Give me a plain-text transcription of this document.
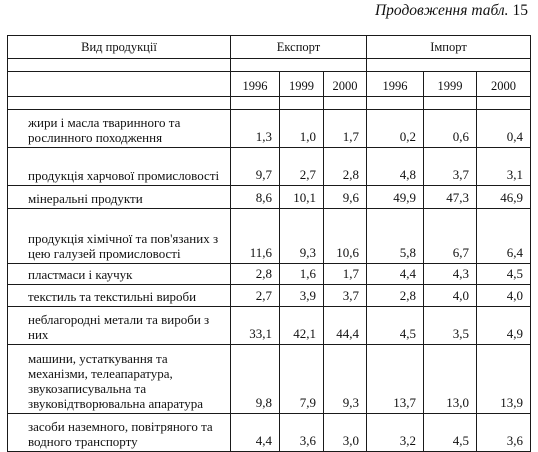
Продовження табл. 15
Вид продукції	Експорт			Імпорт		

	1996	1999	2000	1996	1999	2000

жири і масла тваринного та рослинного походження	1,3	1,0	1,7	0,2	0,6	0,4
продукція харчової промисловості	9,7	2,7	2,8	4,8	3,7	3,1
мінеральні продукти	8,6	10,1	9,6	49,9	47,3	46,9
продукція хімічної та пов'язаних з цею галузей промисловості	11,6	9,3	10,6	5,8	6,7	6,4
пластмаси і каучук	2,8	1,6	1,7	4,4	4,3	4,5
текстиль та текстильні вироби	2,7	3,9	3,7	2,8	4,0	4,0
неблагородні метали та вироби з них	33,1	42,1	44,4	4,5	3,5	4,9
машини, устаткування та механізми, телеапаратура, звукозаписувальна та звуковідтворювальна апаратура	9,8	7,9	9,3	13,7	13,0	13,9
засоби наземного, повітряного та водного транспорту	4,4	3,6	3,0	3,2	4,5	3,6
